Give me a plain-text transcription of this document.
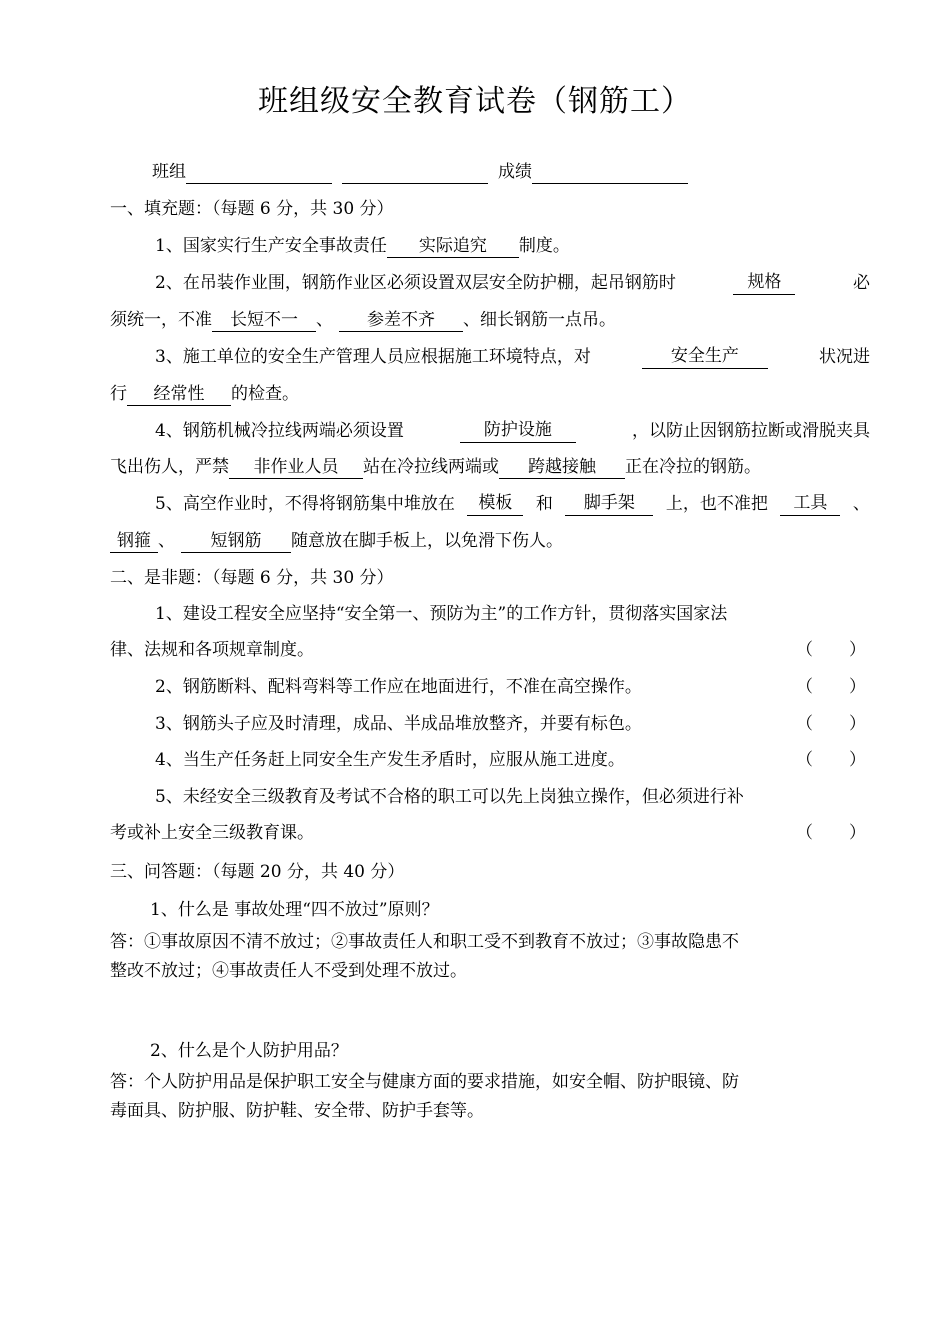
班组级安全教育试卷（钢筋工）
班组	成绩
一、填充题：（每题 6 分，共 30 分）
1、国家实行生产安全事故责任 实际追究 制度。
2、在吊装作业围，钢筋作业区必须设置双层安全防护棚，起吊钢筋时	规格	必
须统一，不准 长短不一 、 参差不齐 、细长钢筋一点吊。
3、施工单位的安全生产管理人员应根据施工环境特点，对	安全生产	状况进
行 经常性 的检查。
4、钢筋机械冷拉线两端必须设置	防护设施	，以防止因钢筋拉断或滑脱夹具
飞出伤人，严禁 非作业人员 站在冷拉线两端或 跨越接触 正在冷拉的钢筋。
5、高空作业时，不得将钢筋集中堆放在	模板	和	脚手架	上，也不准把	工具	、
钢箍 、 短钢筋 随意放在脚手板上，以免滑下伤人。
二、是非题：（每题 6 分，共 30 分）
1、建设工程安全应坚持“安全第一、预防为主”的工作方针，贯彻落实国家法
律、法规和各项规章制度。	（ ）
2、钢筋断料、配料弯料等工作应在地面进行，不准在高空操作。	（ ）
3、钢筋头子应及时清理，成品、半成品堆放整齐，并要有标色。	（ ）
4、当生产任务赶上同安全生产发生矛盾时，应服从施工进度。	（ ）
5、未经安全三级教育及考试不合格的职工可以先上岗独立操作，但必须进行补
考或补上安全三级教育课。	（ ）
三、问答题：（每题 20 分，共 40 分）
1、什么是 事故处理“四不放过”原则？
答：①事故原因不清不放过；②事故责任人和职工受不到教育不放过；③事故隐患不
整改不放过；④事故责任人不受到处理不放过。
2、什么是个人防护用品？
答：个人防护用品是保护职工安全与健康方面的要求措施，如安全帽、防护眼镜、防
毒面具、防护服、防护鞋、安全带、防护手套等。
